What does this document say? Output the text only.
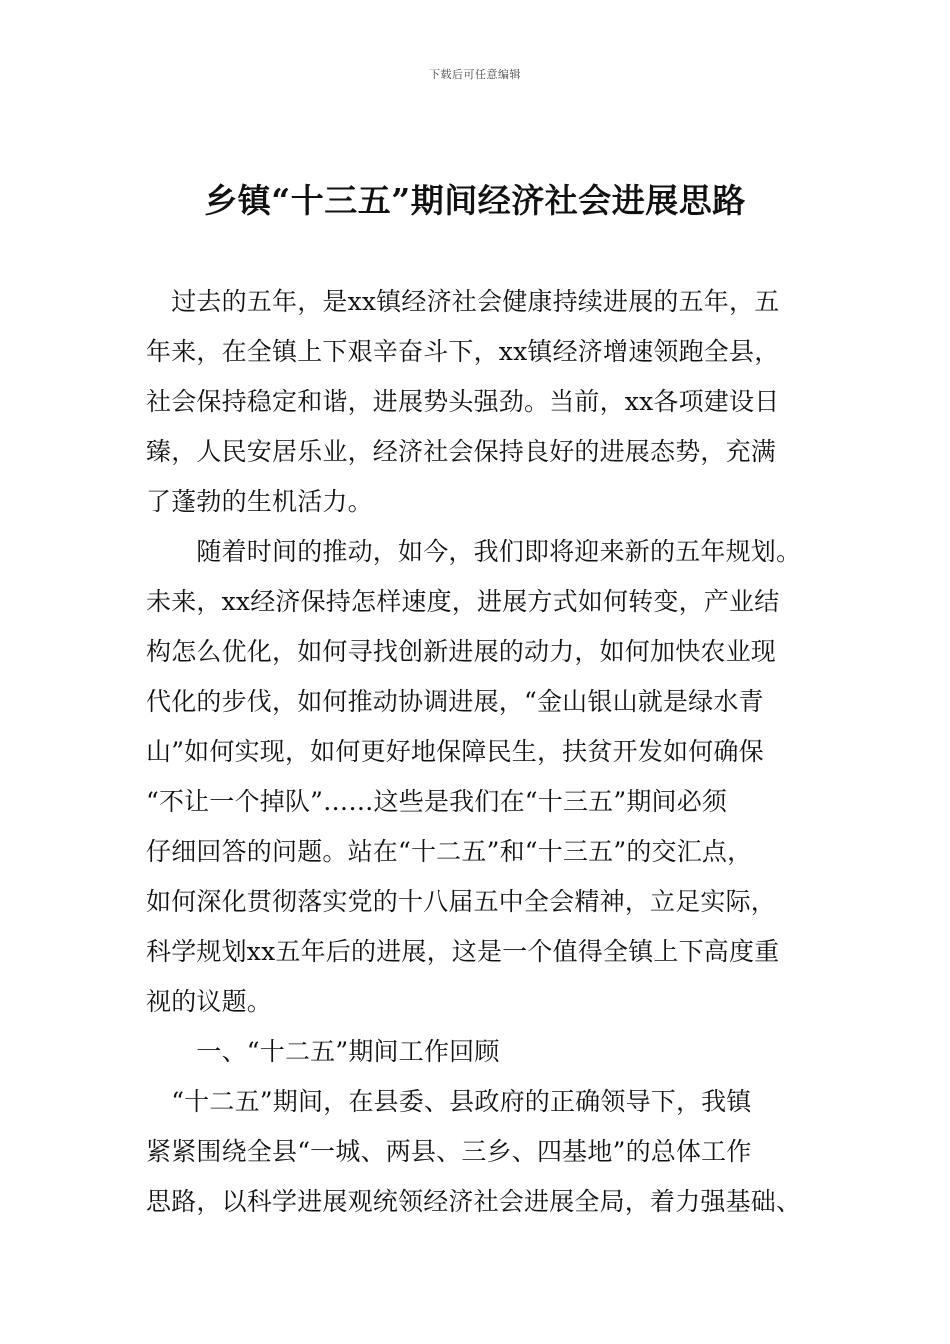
下载后可任意编辑
乡镇“十三五”期间经济社会进展思路
　过去的五年，是xx镇经济社会健康持续进展的五年，五
年来，在全镇上下艰辛奋斗下，xx镇经济增速领跑全县，
社会保持稳定和谐，进展势头强劲。当前，xx各项建设日
臻，人民安居乐业，经济社会保持良好的进展态势，充满
了蓬勃的生机活力。
　　随着时间的推动，如今，我们即将迎来新的五年规划。
未来，xx经济保持怎样速度，进展方式如何转变，产业结
构怎么优化，如何寻找创新进展的动力，如何加快农业现
代化的步伐，如何推动协调进展，“金山银山就是绿水青
山”如何实现，如何更好地保障民生，扶贫开发如何确保
“不让一个掉队”……这些是我们在“十三五”期间必须
仔细回答的问题。站在“十二五”和“十三五”的交汇点，
如何深化贯彻落实党的十八届五中全会精神，立足实际，
科学规划xx五年后的进展，这是一个值得全镇上下高度重
视的议题。
　　一、“十二五”期间工作回顾
　“十二五”期间，在县委、县政府的正确领导下，我镇
紧紧围绕全县“一城、两县、三乡、四基地”的总体工作
思路，以科学进展观统领经济社会进展全局，着力强基础、
